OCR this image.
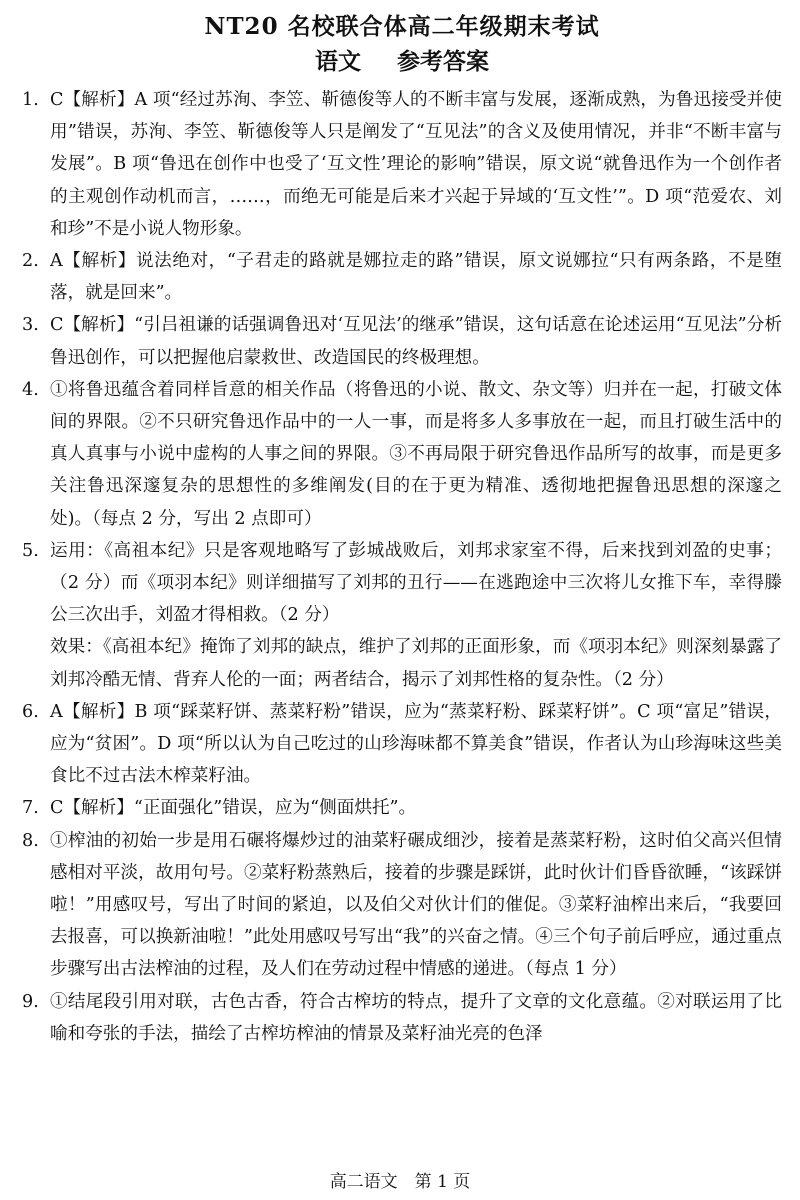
NT20 名校联合体高二年级期末考试
语文 参考答案
1. C【解析】A 项“经过苏洵、李笠、靳德俊等人的不断丰富与发展，逐渐成熟，为鲁迅接受并使用”错误，苏洵、李笠、靳德俊等人只是阐发了“互见法”的含义及使用情况，并非“不断丰富与发展”。B 项“鲁迅在创作中也受了‘互文性’理论的影响”错误，原文说“就鲁迅作为一个创作者的主观创作动机而言，……，而绝无可能是后来才兴起于异域的‘互文性’”。D 项“范爱农、刘和珍”不是小说人物形象。
2. A【解析】说法绝对，“子君走的路就是娜拉走的路”错误，原文说娜拉“只有两条路，不是堕落，就是回来”。
3. C【解析】“引吕祖谦的话强调鲁迅对‘互见法’的继承”错误，这句话意在论述运用“互见法”分析鲁迅创作，可以把握他启蒙救世、改造国民的终极理想。
4. ①将鲁迅蕴含着同样旨意的相关作品（将鲁迅的小说、散文、杂文等）归并在一起，打破文体间的界限。②不只研究鲁迅作品中的一人一事，而是将多人多事放在一起，而且打破生活中的真人真事与小说中虚构的人事之间的界限。③不再局限于研究鲁迅作品所写的故事，而是更多关注鲁迅深邃复杂的思想性的多维阐发(目的在于更为精准、透彻地把握鲁迅思想的深邃之处)。（每点 2 分，写出 2 点即可）
5. 运用：《高祖本纪》只是客观地略写了彭城战败后，刘邦求家室不得，后来找到刘盈的史事；（2 分）而《项羽本纪》则详细描写了刘邦的丑行——在逃跑途中三次将儿女推下车，幸得滕公三次出手，刘盈才得相救。（2 分）
效果：《高祖本纪》掩饰了刘邦的缺点，维护了刘邦的正面形象，而《项羽本纪》则深刻暴露了刘邦冷酷无情、背弃人伦的一面；两者结合，揭示了刘邦性格的复杂性。（2 分）
6. A【解析】B 项“踩菜籽饼、蒸菜籽粉”错误，应为“蒸菜籽粉、踩菜籽饼”。C 项“富足”错误，应为“贫困”。D 项“所以认为自己吃过的山珍海味都不算美食”错误，作者认为山珍海味这些美食比不过古法木榨菜籽油。
7. C【解析】“正面强化”错误，应为“侧面烘托”。
8. ①榨油的初始一步是用石碾将爆炒过的油菜籽碾成细沙，接着是蒸菜籽粉，这时伯父高兴但情感相对平淡，故用句号。②菜籽粉蒸熟后，接着的步骤是踩饼，此时伙计们昏昏欲睡，“该踩饼啦！”用感叹号，写出了时间的紧迫，以及伯父对伙计们的催促。③菜籽油榨出来后，“我要回去报喜，可以换新油啦！”此处用感叹号写出“我”的兴奋之情。④三个句子前后呼应，通过重点步骤写出古法榨油的过程，及人们在劳动过程中情感的递进。（每点 1 分）
9. ①结尾段引用对联，古色古香，符合古榨坊的特点，提升了文章的文化意蕴。②对联运用了比喻和夸张的手法，描绘了古榨坊榨油的情景及菜籽油光亮的色泽
高二语文　第 1 页
